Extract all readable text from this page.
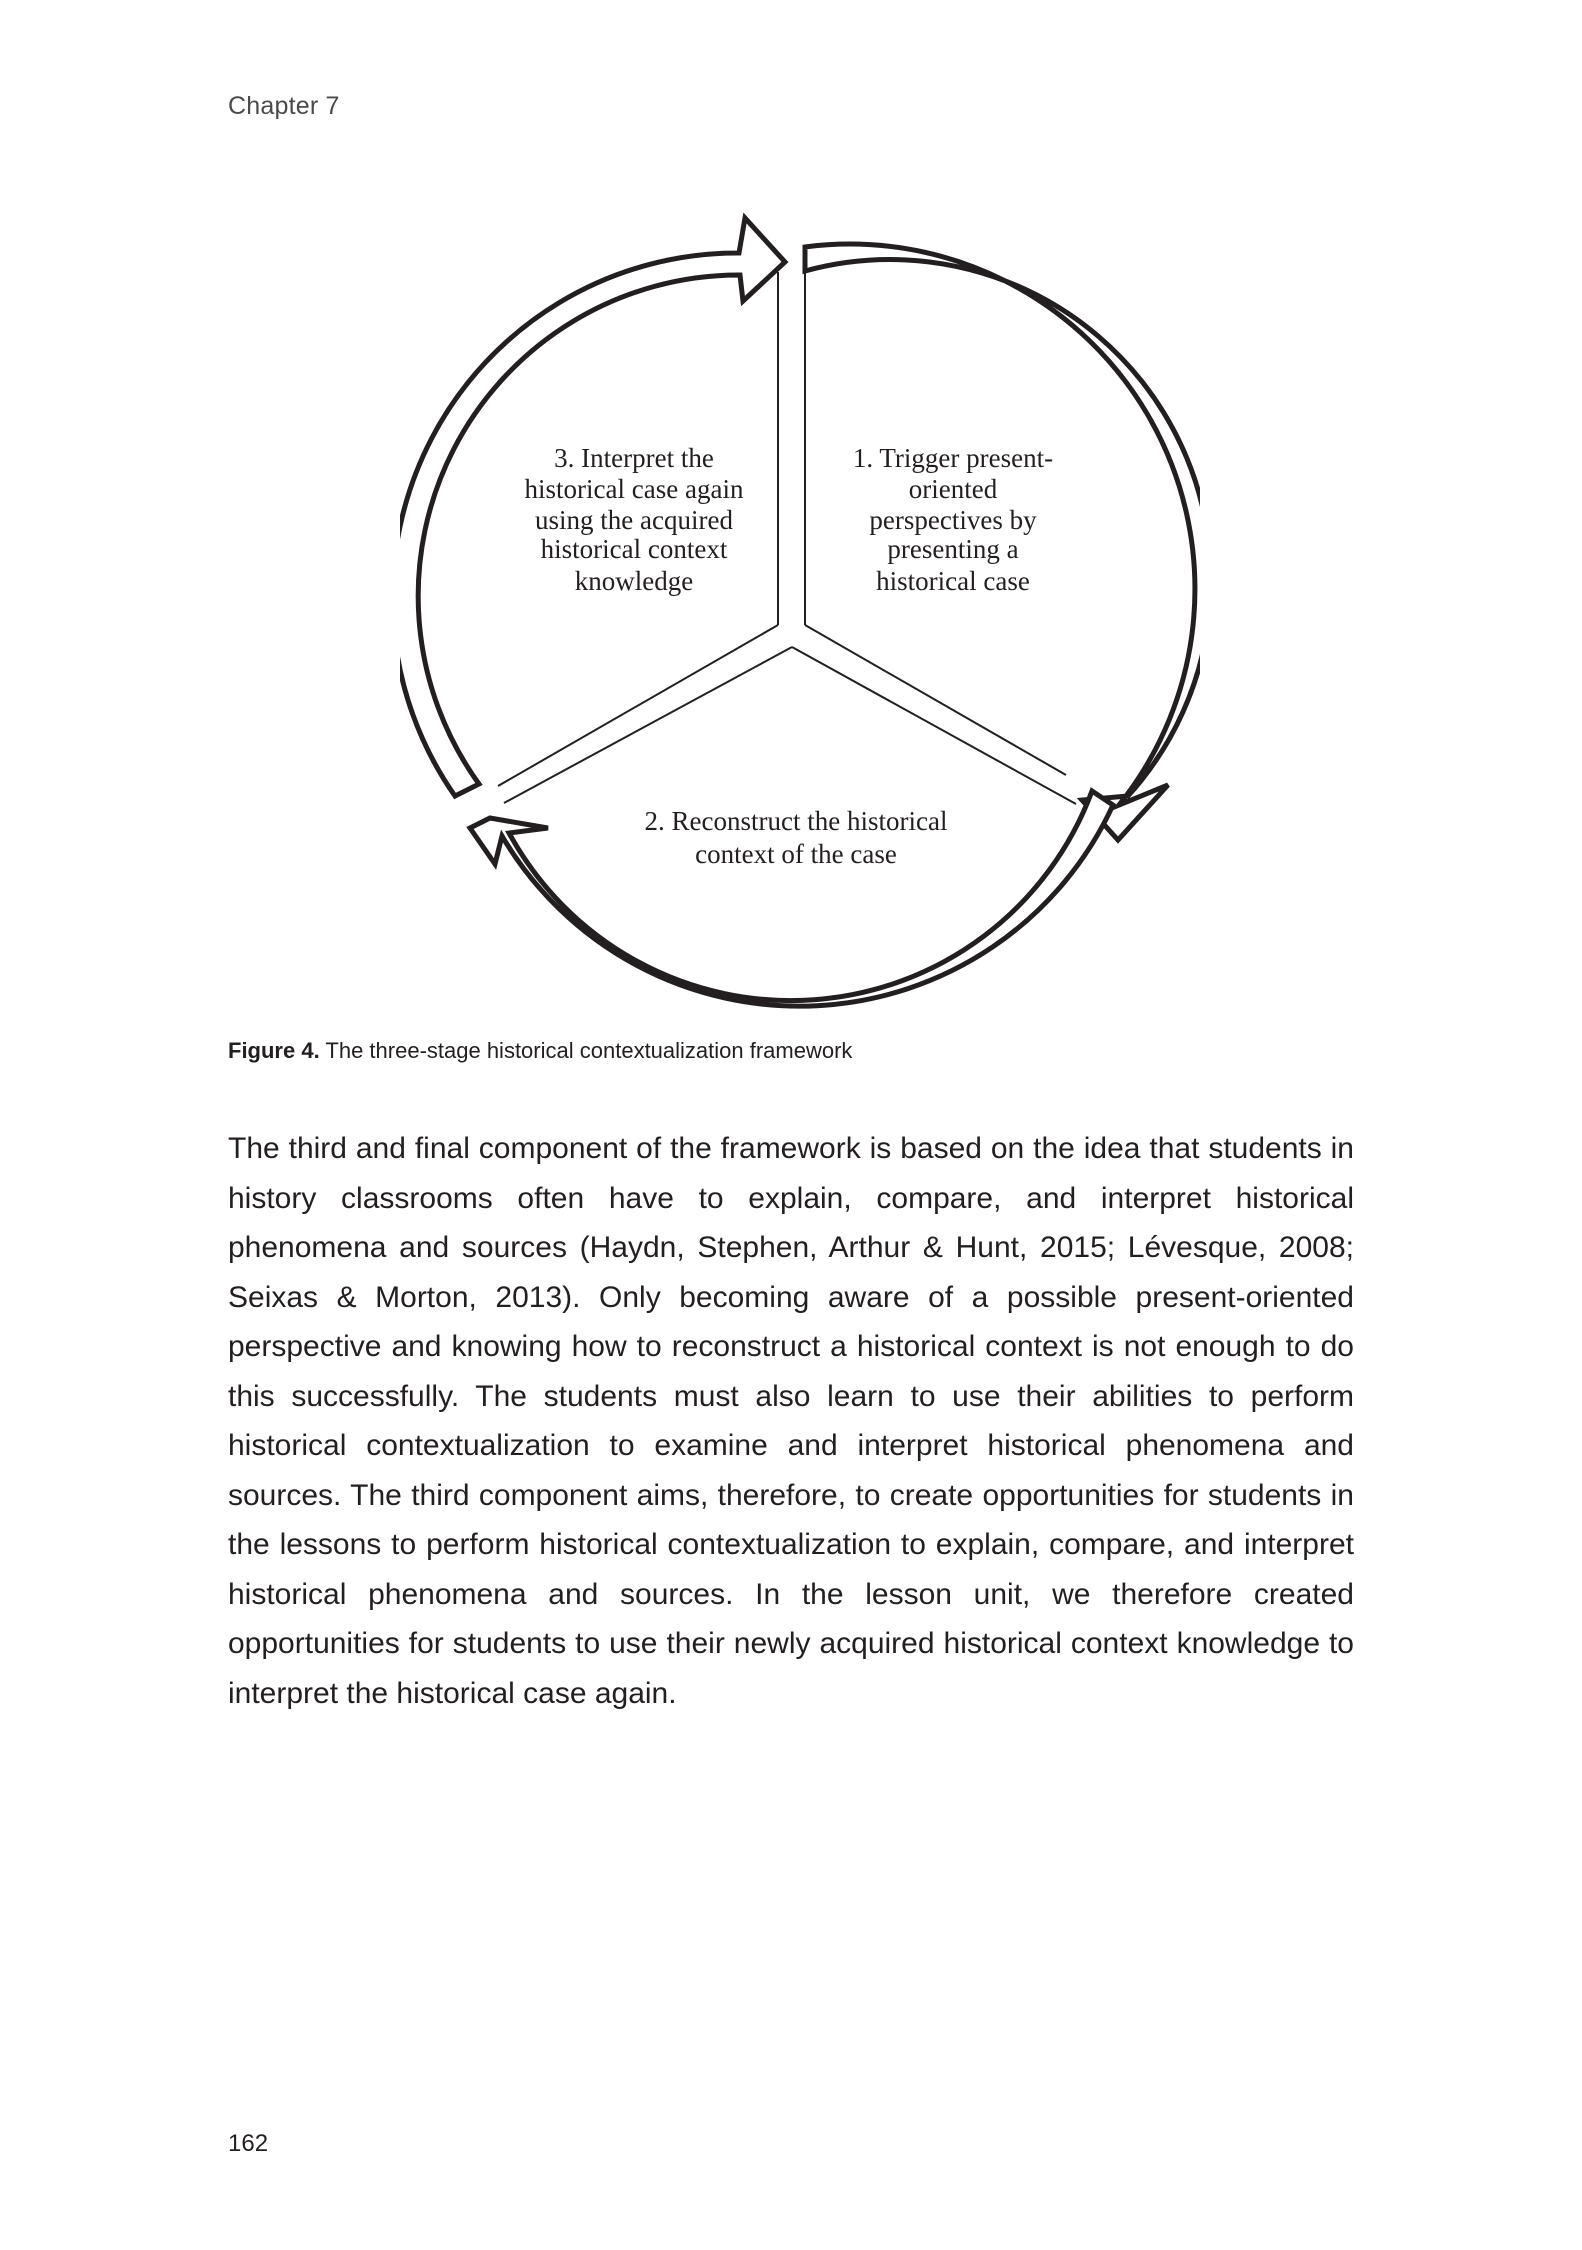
Chapter 7
1. Trigger present-
oriented
perspectives by
presenting a
historical case
3. Interpret the
historical case again
using the acquired
historical context
knowledge
2. Reconstruct the historical
context of the case
Figure 4. The three-stage historical contextualization framework

The third and final component of the framework is based on the idea that students in history classrooms often have to explain, compare, and interpret historical phenomena and sources (Haydn, Stephen, Arthur & Hunt, 2015; Lévesque, 2008; Seixas & Morton, 2013). Only becoming aware of a possible present-oriented perspective and knowing how to reconstruct a historical context is not enough to do this successfully. The students must also learn to use their abilities to perform historical contextualization to examine and interpret historical phenomena and sources. The third component aims, therefore, to create opportunities for students in the lessons to perform historical contextualization to explain, compare, and interpret historical phenomena and sources. In the lesson unit, we therefore created opportunities for students to use their newly acquired historical context knowledge to interpret the historical case again.

162
